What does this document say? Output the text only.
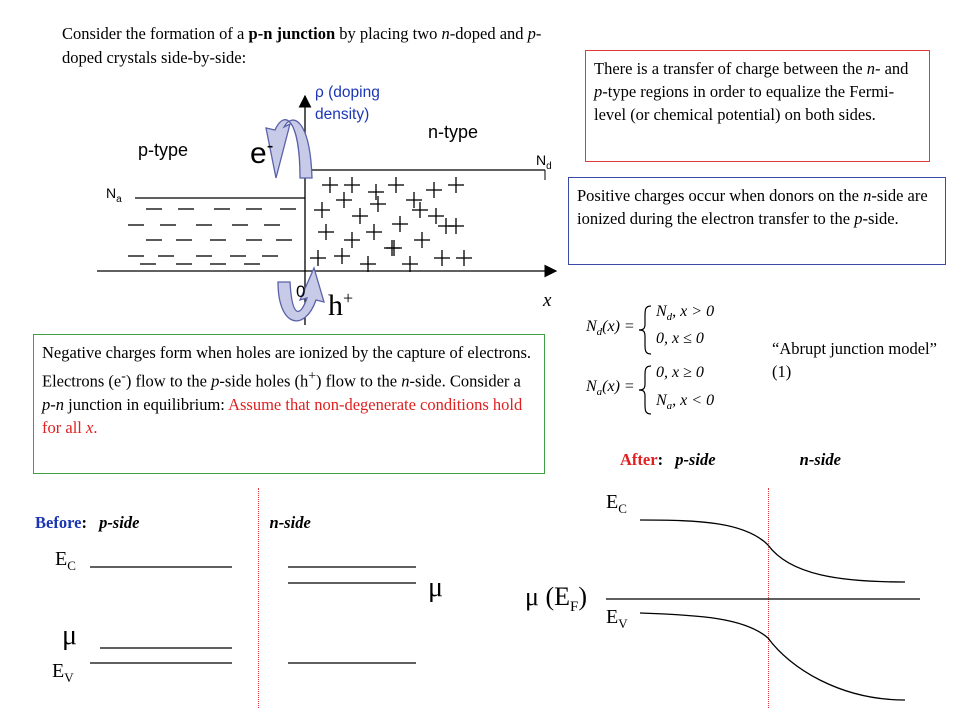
Consider the formation of a p-n junction by placing two n-doped and p-doped crystals side-by-side:
There is a transfer of charge between the n- and p-type regions in order to equalize the Fermi-level (or chemical potential) on both sides.
Positive charges occur when donors on the n-side are ionized during the electron transfer to the p-side.
Negative charges form when holes are ionized by the capture of electrons. Electrons (e-) flow to the p-side holes (h+) flow to the n-side. Consider a p-n junction in equilibrium: Assume that non-degenerate conditions hold for all x.
ρ (doping density)
p-type
n-type
$N_a$
$N_d$
e-
h+
0	x
$N_d(x)$ =
$N_d$, x > 0
0, x ≤ 0
$N_a(x)$ =
0, x ≥ 0
$N_a$, x < 0
“Abrupt junction model” (1)
Before: p-side	n-side
$E_C$
μ
μ
$E_V$
After: p-side	n-side
$E_C$
μ $(E_F)$
$E_V$
